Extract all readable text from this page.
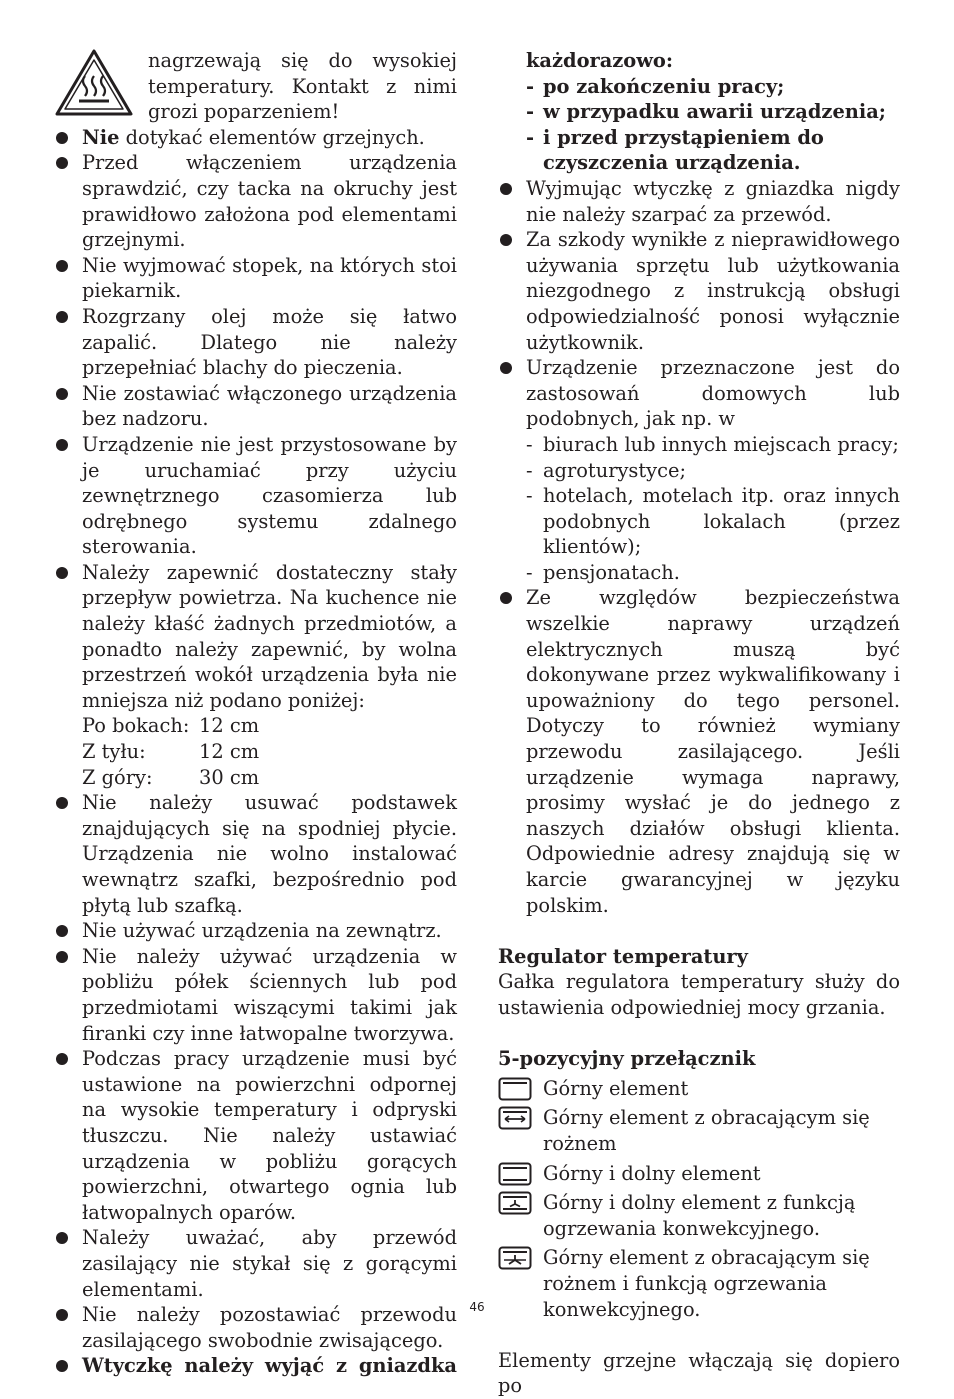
nagrzewają się do wysokiej temperatury. Kontakt z nimi grozi poparzeniem!
Nie dotykać elementów grzejnych.
Przed włączeniem urządzenia sprawdzić, czy tacka na okruchy jest prawidłowo założona pod elementami grzejnymi.
Nie wyjmować stopek, na których stoi piekarnik.
Rozgrzany olej może się łatwo zapalić. Dlatego nie należy przepełniać blachy do pieczenia.
Nie zostawiać włączonego urządzenia bez nadzoru.
Urządzenie nie jest przystosowane by je uruchamiać przy użyciu zewnętrznego czasomierza lub odrębnego systemu zdalnego sterowania.
Należy zapewnić dostateczny stały przepływ powietrza. Na kuchence nie należy kłaść żadnych przedmiotów, a ponadto należy zapewnić, by wolna przestrzeń wokół urządzenia była nie mniejsza niż podano poniżej:
Po bokach: 12 cm
Z tyłu:	12 cm
Z góry:	30 cm
Nie należy usuwać podstawek znajdujących się na spodniej płycie. Urządzenia nie wolno instalować wewnątrz szafki, bezpośrednio pod płytą lub szafką.
Nie używać urządzenia na zewnątrz.
Nie należy używać urządzenia w pobliżu półek ściennych lub pod przedmiotami wiszącymi takimi jak firanki czy inne łatwopalne tworzywa.
Podczas pracy urządzenie musi być ustawione na powierzchni odpornej na wysokie temperatury i odpryski tłuszczu. Nie należy ustawiać urządzenia w pobliżu gorących powierzchni, otwartego ognia lub łatwopalnych oparów.
Należy uważać, aby przewód zasilający nie stykał się z gorącymi elementami.
Nie należy pozostawiać przewodu zasilającego swobodnie zwisającego.
Wtyczkę należy wyjąć z gniazdka
każdorazowo:
- po zakończeniu pracy;
- w przypadku awarii urządzenia;
- i przed przystąpieniem do czyszczenia urządzenia.
Wyjmując wtyczkę z gniazdka nigdy nie należy szarpać za przewód.
Za szkody wynikłe z nieprawidłowego używania sprzętu lub użytkowania niezgodnego z instrukcją obsługi odpowiedzialność ponosi wyłącznie użytkownik.
Urządzenie przeznaczone jest do zastosowań domowych lub podobnych, jak np. w
- biurach lub innych miejscach pracy;
- agroturystyce;
- hotelach, motelach itp. oraz innych podobnych lokalach (przez klientów);
- pensjonatach.
Ze względów bezpieczeństwa wszelkie naprawy urządzeń elektrycznych muszą być dokonywane przez wykwalifikowany i upoważniony do tego personel. Dotyczy to również wymiany przewodu zasilającego. Jeśli urządzenie wymaga naprawy, prosimy wysłać je do jednego z naszych działów obsługi klienta. Odpowiednie adresy znajdują się w karcie gwarancyjnej w języku polskim.
Regulator temperatury
Gałka regulatora temperatury służy do ustawienia odpowiedniej mocy grzania.
5-pozycyjny przełącznik
Górny element
Górny element z obracającym się rożnem
Górny i dolny element
Górny i dolny element z funkcją ogrzewania konwekcyjnego.
Górny element z obracającym się rożnem i funkcją ogrzewania konwekcyjnego.
Elementy grzejne włączają się dopiero po
46
